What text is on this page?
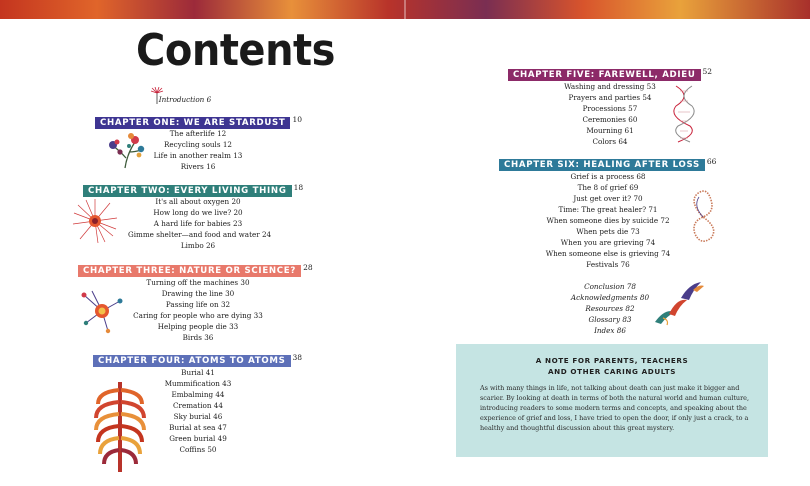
Contents
Introduction 6
CHAPTER ONE: WE ARE STARDUST $^{10}$
The afterlife 12
Recycling souls 12
Life in another realm 13
Rivers 16
CHAPTER TWO: EVERY LIVING THING $^{18}$
It's all about oxygen 20
How long do we live? 20
A hard life for babies 23
Gimme shelter—and food and water 24
Limbo 26
CHAPTER THREE: NATURE OR SCIENCE? $^{28}$
Turning off the machines 30
Drawing the line 30
Passing life on 32
Caring for people who are dying 33
Helping people die 33
Birds 36
CHAPTER FOUR: ATOMS TO ATOMS $^{38}$
Burial 41
Mummification 43
Embalming 44
Cremation 44
Sky burial 46
Burial at sea 47
Green burial 49
Coffins 50
CHAPTER FIVE: FAREWELL, ADIEU $^{52}$
Washing and dressing 53
Prayers and parties 54
Processions 57
Ceremonies 60
Mourning 61
Colors 64
CHAPTER SIX: HEALING AFTER LOSS $^{66}$
Grief is a process 68
The 8 of grief 69
Just get over it? 70
Time: The great healer? 71
When someone dies by suicide 72
When pets die 73
When you are grieving 74
When someone else is grieving 74
Festivals 76
Conclusion 78
Acknowledgments 80
Resources 82
Glossary 83
Index 86
A NOTE FOR PARENTS, TEACHERS
AND OTHER CARING ADULTS
As with many things in life, not talking about death can just make it bigger and scarier. By looking at death in terms of both the natural world and human culture, introducing readers to some modern terms and concepts, and speaking about the experience of grief and loss, I have tried to open the door, if only just a crack, to a healthy and thoughtful discussion about this great mystery.
